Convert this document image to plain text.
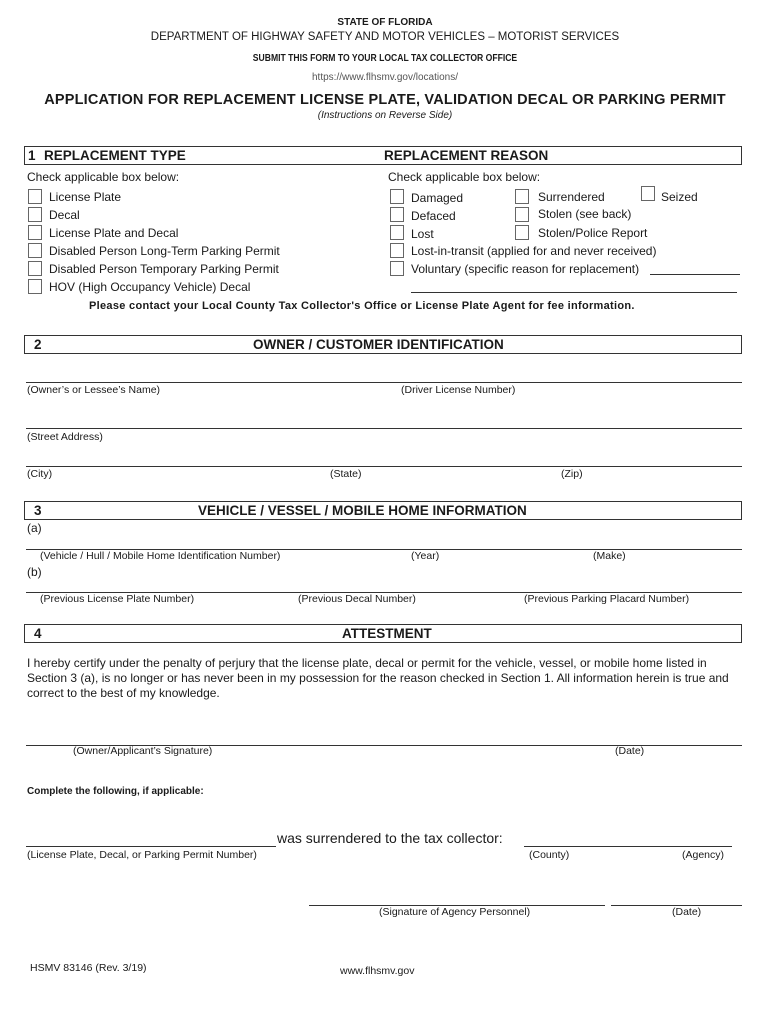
STATE OF FLORIDA
DEPARTMENT OF HIGHWAY SAFETY AND MOTOR VEHICLES – MOTORIST SERVICES
SUBMIT THIS FORM TO YOUR LOCAL TAX COLLECTOR OFFICE
https://www.flhsmv.gov/locations/
APPLICATION FOR REPLACEMENT LICENSE PLATE, VALIDATION DECAL OR PARKING PERMIT
(Instructions on Reverse Side)
1 REPLACEMENT TYPE	REPLACEMENT REASON
Check applicable box below:	Check applicable box below:
License Plate
Decal
License Plate and Decal
Disabled Person Long-Term Parking Permit
Disabled Person Temporary Parking Permit
HOV (High Occupancy Vehicle) Decal
Damaged
Defaced
Lost
Lost-in-transit (applied for and never received)
Voluntary (specific reason for replacement)
Surrendered	Seized
Stolen (see back)
Stolen/Police Report
Please contact your Local County Tax Collector's Office or License Plate Agent for fee information.
2	OWNER / CUSTOMER IDENTIFICATION
(Owner’s or Lessee’s Name)	(Driver License Number)
(Street Address)
(City)	(State)	(Zip)
3	VEHICLE / VESSEL / MOBILE HOME INFORMATION
(a)
(Vehicle / Hull / Mobile Home Identification Number)	(Year)	(Make)
(b)
(Previous License Plate Number)	(Previous Decal Number)	(Previous Parking Placard Number)
4	ATTESTMENT
I hereby certify under the penalty of perjury that the license plate, decal or permit for the vehicle, vessel, or mobile home listed in Section 3 (a), is no longer or has never been in my possession for the reason checked in Section 1. All information herein is true and correct to the best of my knowledge.
(Owner/Applicant’s Signature)	(Date)
Complete the following, if applicable:
was surrendered to the tax collector:
(License Plate, Decal, or Parking Permit Number)	(County)	(Agency)
(Signature of Agency Personnel)	(Date)
HSMV 83146 (Rev. 3/19)	www.flhsmv.gov
